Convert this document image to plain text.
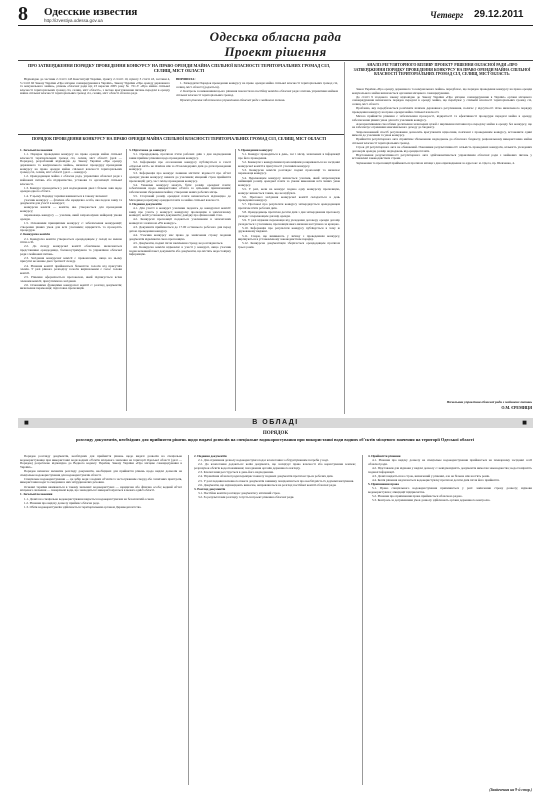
8 Одесские известия
http://izvestiya.odessa.gov.ua
Четверг 29.12.2011
Одеська обласна рада
Проект рішення
ПРО ЗАТВЕРДЖЕННЯ ПОРЯДКУ ПРОВЕДЕННЯ КОНКУРСУ НА ПРАВО ОРЕНДИ МАЙНА СПІЛЬНОЇ ВЛАСНОСТІ ТЕРИТОРІАЛЬНИХ ГРОМАД СІЛ, СЕЛИЩ, МІСТ ОБЛАСТІ

Відповідно до частини 2 статті 143 Конституції України, пункту 2 статті 10, пункту 3 статті 43, частини 4, 5 статті 60 Закону України «Про місцеве самоврядування в Україні», Закону України «Про оренду державного та комунального майна», рішень обласної ради від 23 вересня 2005 року № 721-V «Про майно спільної власності територіальних громад сіл, селищ, міст області», з метою врегулювання питань передачі в оренду майна спільної власності територіальних громад сіл, селищ, міст області обласна рада

ВИРІШИЛА:

1. Затвердити Порядок проведення конкурсу на право оренди майна спільної власності територіальних громад сіл, селищ, міст області (додається).

2. Контроль за виконанням цього рішення покласти на постійну комісію обласної ради з питань управління майном спільної власності територіальних громад.

Проект рішення підготовлено управлінням обласної ради з майнових питань

АНАЛІЗ РЕГУЛЯТОРНОГО ВПЛИВУ ПРОЕКТУ РІШЕННЯ ОБЛАСНОЇ РАДИ «ПРО ЗАТВЕРДЖЕННЯ ПОРЯДКУ ПРОВЕДЕННЯ КОНКУРСУ НА ПРАВО ОРЕНДИ МАЙНА СПІЛЬНОЇ ВЛАСНОСТІ ТЕРИТОРІАЛЬНИХ ГРОМАД СІЛ, СЕЛИЩ, МІСТ ОБЛАСТІ»

Закон України «Про оренду державного та комунального майна» передбачає, що порядок проведення конкурсу на право оренди комунального майна визначається органами місцевого самоврядування.

До статті 9 згаданого закону відповідно до Закону України «Про місцеве самоврядування в Україні» органи місцевого самоврядування визначають порядок передачі в оренду майна, що перебуває у спільній власності територіальних громад сіл, селищ, міст області.

Проблема, яку передбачається розв'язати шляхом державного регулювання, полягає у відсутності чітко визначеного порядку проведення конкурсу на право оренди майна спільної власності.

Метою прийняття рішення є забезпечення прозорості, відкритості та ефективності процедури передачі майна в оренду, забезпечення рівних умов для всіх учасників конкурсу.

Альтернативними способами досягнення зазначених цілей є вирішення питання про передачу майна в оренду без конкурсу, що не забезпечує отримання максимального доходу до бюджету.

Запропонований спосіб регулювання дозволить врегулювати відносини, пов'язані з проведенням конкурсу, встановити єдині вимоги до учасників та умов конкурсу.

Прийняття регуляторного акта сприятиме збільшенню надходжень до обласного бюджету, раціональному використанню майна спільної власності територіальних громад.

Строк дії регуляторного акта не обмежений. Показники результативності: кількість проведених конкурсів, кількість укладених договорів оренди, розмір надходжень від орендної плати.

Відстеження результативності регуляторного акта здійснюватиметься управлінням обласної ради з майнових питань у встановлені законодавством строки.

Зауваження та пропозиції приймаються протягом місяця з дня оприлюднення за адресою: м. Одеса, пр. Шевченка, 4.

Начальник управління обласної ради з майнових питань
О.М. ЄРЕМИЦЯ
ПОРЯДОК ПРОВЕДЕННЯ КОНКУРСУ НА ПРАВО ОРЕНДИ МАЙНА СПІЛЬНОЇ ВЛАСНОСТІ ТЕРИТОРІАЛЬНИХ ГРОМАД СІЛ, СЕЛИЩ, МІСТ ОБЛАСТІ

1. Загальні положення

1.1. Порядок проведення конкурсу на право оренди майна спільної власності територіальних громад сіл, селищ, міст області (далі — Порядок), розроблений відповідно до Закону України «Про оренду державного та комунального майна», визначає процедуру проведення конкурсу на право оренди майна спільної власності територіальних громад сіл, селищ, міст області (далі — конкурс).

1.2. Орендодавцем майна є обласна рада, управління обласної ради з майнових питань або підприємства, установи та організації спільної власності.

1.3. Конкурс проводиться у разі надходження двох і більше заяв щодо оренди одного об'єкта.

1.4. У цьому Порядку терміни вживаються в такому значенні:

учасник конкурсу — фізична або юридична особа, яка подала заяву та документи для участі в конкурсі;

конкурсна комісія — комісія, яка утворюється для проведення конкурсу;

переможець конкурсу — учасник, який запропонував найкращі умови оренди.

1.5. Основними принципами конкурсу є: забезпечення конкуренції; створення рівних умов для всіх учасників; відкритість та прозорість процедури.

2. Конкурсна комісія

2.1. Конкурсна комісія утворюється орендодавцем у складі не менше п'яти осіб.

2.2. До складу конкурсної комісії обов'язково включаються представники орендодавця, балансоутримувача та управління обласної ради з майнових питань.

2.3. Засідання конкурсної комісії є правомочним, якщо на ньому присутні не менше двох третин її складу.

2.4. Рішення комісії приймаються більшістю голосів від присутніх членів. У разі рівного розподілу голосів вирішальним є голос голови комісії.

2.5. Рішення оформлюється протоколом, який підписується всіма членами комісії, присутніми на засіданні.

2.6. Основними функціями конкурсної комісії є: розгляд документів; визначення переможця; підготовка пропозицій.

3. Підготовка до конкурсу

3.1. Орендодавець протягом п'яти робочих днів з дня надходження заяви приймає рішення щодо проведення конкурсу.

3.2. Інформація про оголошення конкурсу публікується в газеті «Одеські вісті» не пізніше ніж за 20 календарних днів до дати проведення конкурсу.

3.3. Інформація про конкурс повинна містити: відомості про об'єкт оренди; умови конкурсу; вимоги до учасників; кінцевий строк прийняття пропозицій; дату, час і місце проведення конкурсу.

3.4. Умовами конкурсу можуть бути: розмір орендної плати; зобов'язання щодо використання об'єкта за цільовим призначенням; забезпечення збереження майна; створення нових робочих місць.

3.5. Стартовий розмір орендної плати визначається відповідно до Методики розрахунку орендної плати за майно спільної власності.

4. Подання документів

4.1. Для участі в конкурсі учасники подають до конкурсної комісії: заяву про участь у конкурсі; конкурсну пропозицію в запечатаному конверті; копії установчих документів; довідку про фінансовий стан.

4.2. Конкурсні пропозиції подаються учасниками в запечатаних конвертах з написом «На конкурс».

4.3. Документи приймаються до 17.00 останнього робочого дня перед датою проведення конкурсу.

4.4. Учасник конкурсу має право до закінчення строку подання документів відкликати свою пропозицію.

4.5. Документи, подані після закінчення строку, не розглядаються.

4.6. Конкурсна комісія відмовляє в участі у конкурсі, якщо учасник подав неповний пакет документів або документи, що містять недостовірну інформацію.

5. Проведення конкурсу

5.1. Конкурс проводиться в день, час і місці, зазначених в інформації про його проведення.

5.2. Конверти з конкурсними пропозиціями розкриваються на засіданні конкурсної комісії в присутності учасників конкурсу.

5.3. Конкурсна комісія розглядає подані пропозиції та визначає переможця конкурсу.

5.4. Переможцем конкурсу визнається учасник, який запропонував найвищий розмір орендної плати за умови виконання всіх інших умов конкурсу.

5.5. У разі, коли на конкурс подано одну конкурсну пропозицію, конкурс визнається таким, що не відбувся.

5.6. Протокол засідання конкурсної комісії складається в день проведення конкурсу.

5.7. Протокол про результати конкурсу затверджується орендодавцем протягом п'яти робочих днів.

5.8. Орендодавець протягом десяти днів з дня затвердження протоколу укладає з переможцем договір оренди.

5.9. У разі відмови переможця від укладення договору оренди договір укладається з учасником, пропозиція якого визнана наступною за кращою.

5.10. Інформація про результати конкурсу публікується в тому ж друкованому виданні.

5.11. Спори, що виникають у зв'язку з проведенням конкурсу, вирішуються в установленому законодавством порядку.

5.12. Конкурсна документація зберігається орендодавцем протягом трьох років.

■	В ОБЛАДІ	■
ПОРЯДОК
розгляду документів, необхідних для прийняття рішень щодо видачі дозволів на спеціальне водокористування при використанні води водних об'єктів місцевого значення на території Одеської області

Порядок розгляду документів, необхідних для прийняття рішень щодо видачі дозволів на спеціальне водокористування при використанні води водних об'єктів місцевого значення на території Одеської області (далі — Порядок) розроблено відповідно до Водного кодексу України, Закону України «Про місцеве самоврядування в Україні».

Порядок визначає механізм розгляду документів, необхідних для прийняття рішень щодо видачі дозволів на спеціальне водокористування для водокористувачів області.

Спеціальне водокористування — це забір води з водних об'єктів із застосуванням споруд або технічних пристроїв, використання води та скидання в них забруднюючих речовин.

Основні терміни вживаються в такому значенні: водокористувач — юридична або фізична особа; водний об'єкт місцевого значення — поверхневі води, що знаходяться і використовуються в межах однієї області.

1. Загальні положення

1.1. Дозвіл на спеціальне водокористування видається водокористувачам на безоплатній основі.

1.2. Рішення про видачу дозволу приймає обласна рада.

1.3. Облік водокористувачів здійснюється територіальним органом Держводагентства.

2. Подання документів

2.1. Для отримання дозволу водокористувач подає клопотання з обґрунтуванням потреби у воді.

2.2. До клопотання додаються: копія документа, що засвідчує право власності або користування землею; розрахунок обсягів водоспоживання; погодження органів державного нагляду.

2.3. Клопотання реєструється в день його надходження.

2.4. Управління обласної ради перевіряє повноту поданих документів протягом трьох робочих днів.

2.5. У разі подання неповного пакета документів заявнику повідомляється про необхідність їх доукомплектування.

2.6. Документи, що відповідають вимогам, направляються на розгляд постійної комісії обласної ради.

3. Розгляд документів

3.1. Постійна комісія розглядає документи у місячний строк.

3.2. За результатами розгляду готується проект рішення обласної ради.

4. Прийняття рішення

4.1. Рішення про видачу дозволу на спеціальне водокористування приймається на пленарному засіданні сесії обласної ради.

4.2. Підставами для відмови у видачі дозволу є: невідповідність документів вимогам законодавства; недостовірність поданої інформації.

4.3. Дозвіл видається на строк, визначений у рішенні, але не більше ніж на п'ять років.

4.4. Копія рішення надсилається водокористувачу протягом десяти днів після його прийняття.

5. Припинення права

5.1. Право спеціального водокористування припиняється у разі: закінчення строку дозволу; відмови водокористувача; ліквідації підприємства.

5.2. Рішення про припинення права приймається обласною радою.

5.3. Контроль за дотриманням умов дозволу здійснюють органи державного контролю.

(Закінчення на 9-й стор.)
